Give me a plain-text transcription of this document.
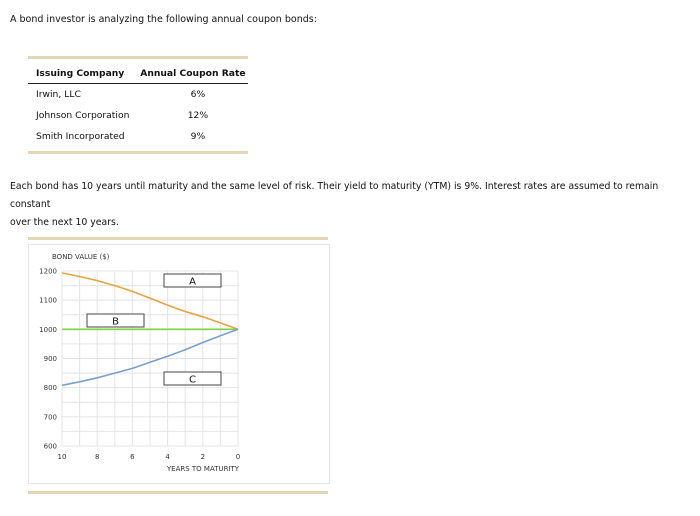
A bond investor is analyzing the following annual coupon bonds:
Issuing Company	Annual Coupon Rate
Irwin, LLC	6%
Johnson Corporation	12%
Smith Incorporated	9%
Each bond has 10 years until maturity and the same level of risk. Their yield to maturity (YTM) is 9%. Interest rates are assumed to remain constant
over the next 10 years.
BOND VALUE ($)
1200
1100
1000
900
800
700
600
10	8	6	4	2	0
YEARS TO MATURITY
A
B
C
